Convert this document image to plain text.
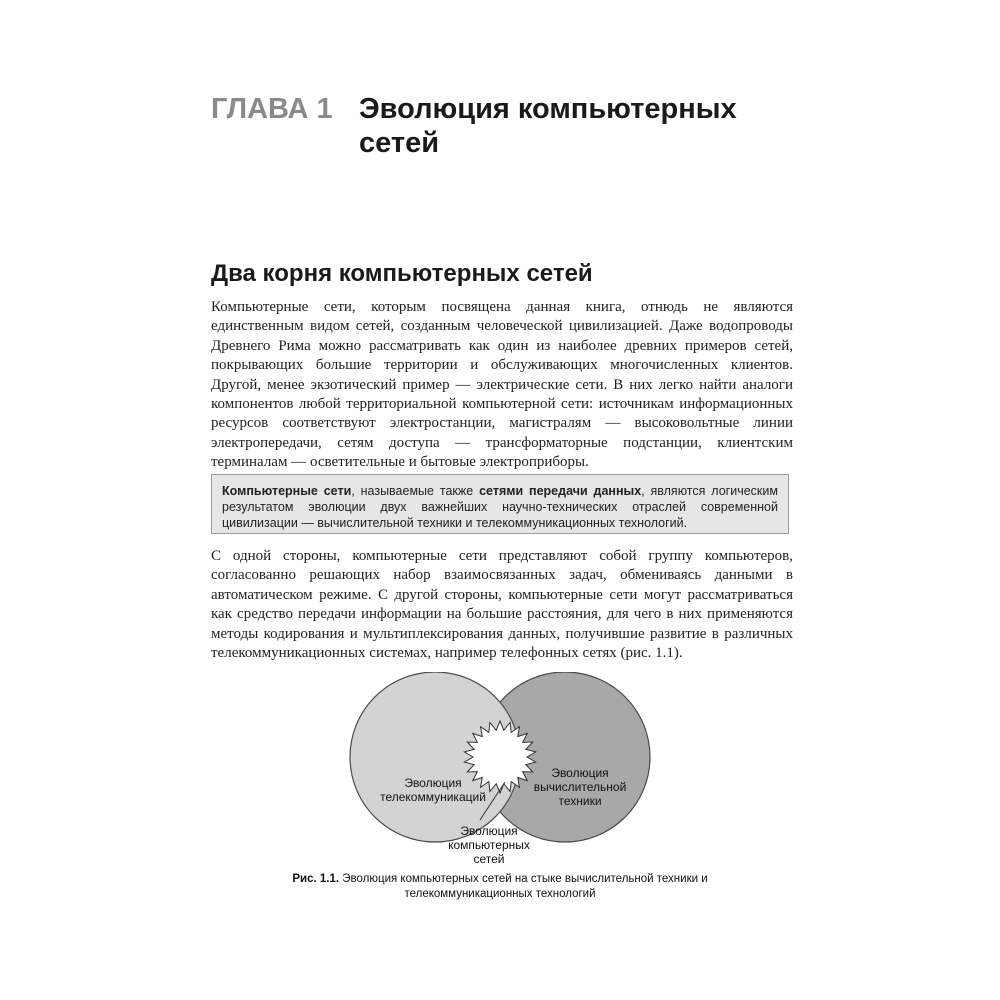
ГЛАВА 1 Эволюция компьютерных сетей
Два корня компьютерных сетей

Компьютерные сети, которым посвящена данная книга, отнюдь не являются единственным видом сетей, созданным человеческой цивилизацией. Даже водопроводы Древнего Рима можно рассматривать как один из наиболее древних примеров сетей, покрывающих большие территории и обслуживающих многочисленных клиентов. Другой, менее экзотический пример — электрические сети. В них легко найти аналоги компонентов любой территориальной компьютерной сети: источникам информационных ресурсов соответствуют электростанции, магистралям — высоковольтные линии электропередачи, сетям доступа — трансформаторные подстанции, клиентским терминалам — осветительные и бытовые электроприборы.

Компьютерные сети, называемые также сетями передачи данных, являются логическим результатом эволюции двух важнейших научно-технических отраслей современной цивилизации — вычислительной техники и телекоммуникационных технологий.

С одной стороны, компьютерные сети представляют собой группу компьютеров, согласованно решающих набор взаимосвязанных задач, обмениваясь данными в автоматическом режиме. С другой стороны, компьютерные сети могут рассматриваться как средство передачи информации на большие расстояния, для чего в них применяются методы кодирования и мультиплексирования данных, получившие развитие в различных телекоммуникационных системах, например телефонных сетях (рис. 1.1).

Эволюция телекоммуникаций
Эволюция вычислительной техники
Эволюция компьютерных сетей

Рис. 1.1. Эволюция компьютерных сетей на стыке вычислительной техники и телекоммуникационных технологий
